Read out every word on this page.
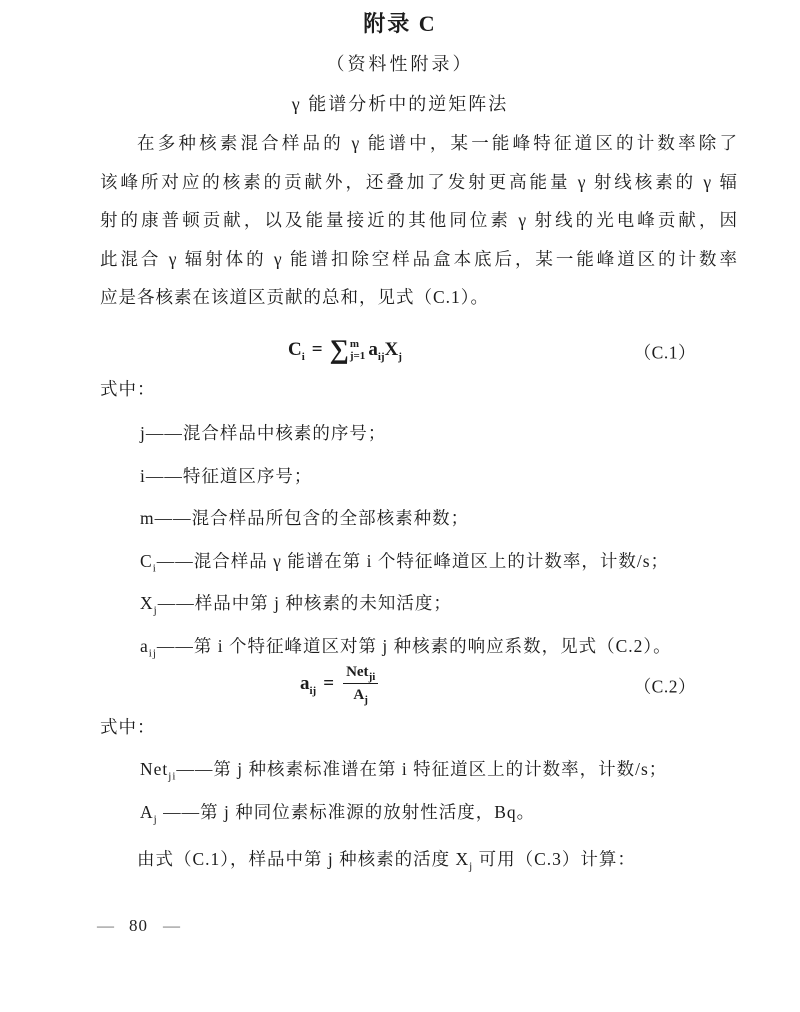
附录 C
（资料性附录）
γ 能谱分析中的逆矩阵法
在多种核素混合样品的 γ 能谱中，某一能峰特征道区的计数率除了
该峰所对应的核素的贡献外，还叠加了发射更高能量 γ 射线核素的 γ 辐
射的康普顿贡献，以及能量接近的其他同位素 γ 射线的光电峰贡献，因
此混合 γ 辐射体的 γ 能谱扣除空样品盒本底后，某一能峰道区的计数率
应是各核素在该道区贡献的总和，见式（C.1）。
$C_i$ = ∑ m
j=1 $a_{ij}X_j$	（C.1）
式中：
j——混合样品中核素的序号；
i——特征道区序号；
m——混合样品所包含的全部核素种数；
$C_i——$混合样品 γ 能谱在第 i 个特征峰道区上的计数率，计数/s；
$X_j——$样品中第 j 种核素的未知活度；
$a_{ij}——$第 i 个特征峰道区对第 j 种核素的响应系数，见式（C.2）。
$a_{ij} = \frac{Net_{ji}}{A_j}$	（C.2）
式中：
Net$_{ji}$——第 j 种核素标准谱在第 i 特征道区上的计数率，计数/s；
$A_j$ ——第 j 种同位素标准源的放射性活度，Bq。
由式（C.1），样品中第 j 种核素的活度 $X_j$ 可用（C.3）计算：
— 80 —
